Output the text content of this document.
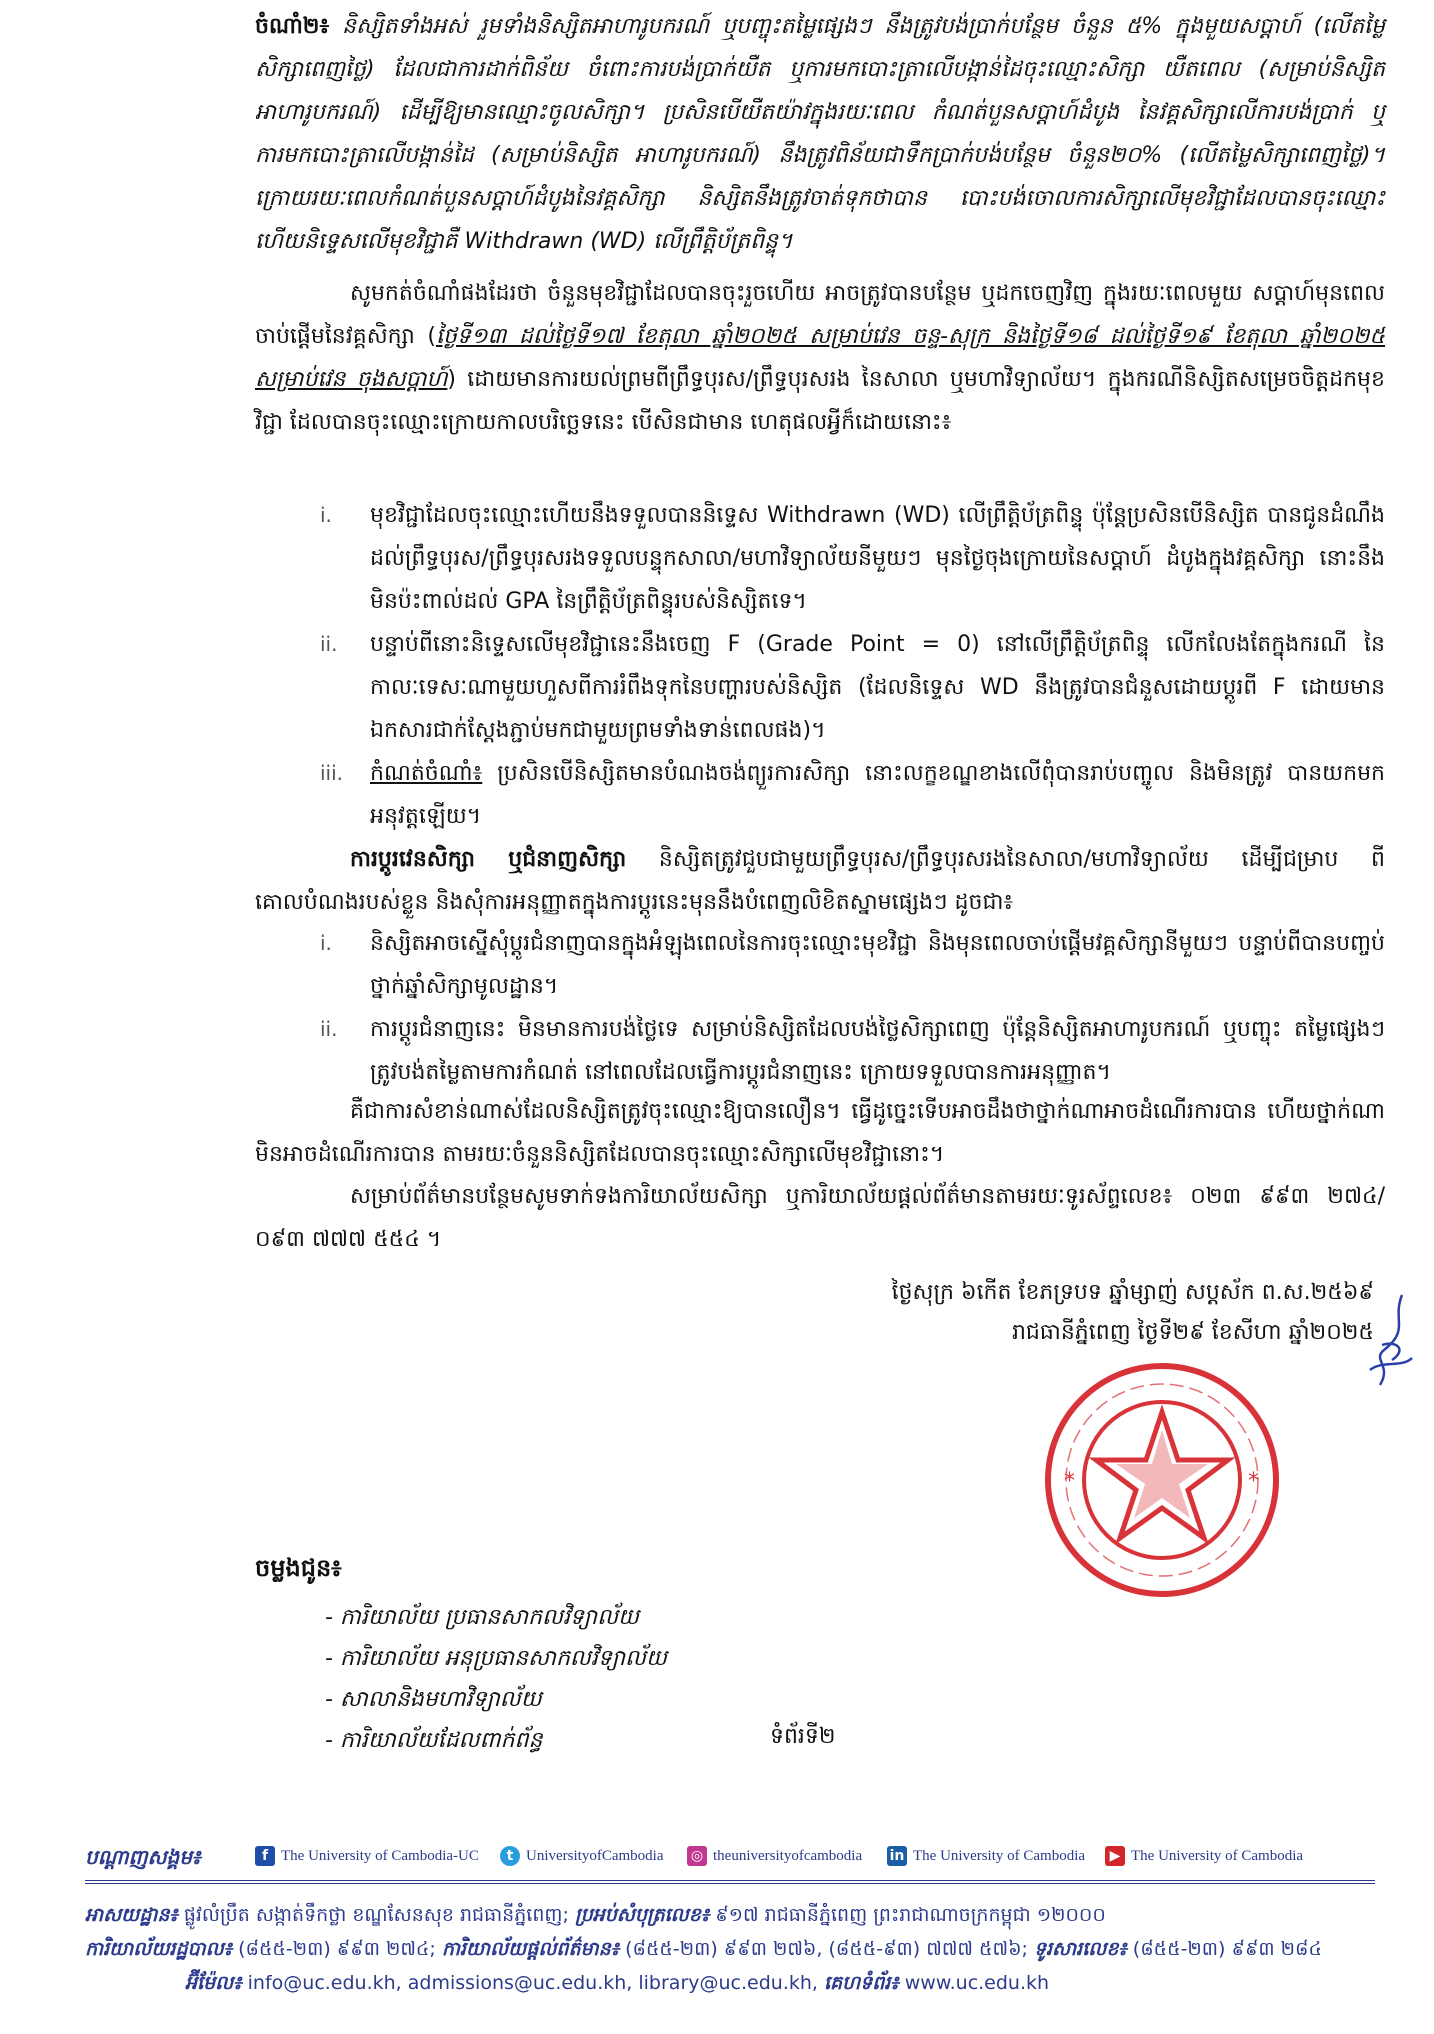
ចំណាំ២៖ និស្សិតទាំងអស់ រួមទាំងនិស្សិតអាហារូបករណ៍ ឬបញ្ចុះតម្លៃផ្សេងៗ នឹងត្រូវបង់ប្រាក់បន្ថែម ចំនួន ៥% ក្នុងមួយសប្តាហ៍ (លើតម្លៃសិក្សាពេញថ្លៃ) ដែលជាការដាក់ពិន័យ ចំពោះការបង់ប្រាក់យឺត ឬការមកបោះត្រាលើបង្កាន់ដៃចុះឈ្មោះសិក្សា យឺតពេល (សម្រាប់និស្សិតអាហារូបករណ៍) ដើម្បីឱ្យមានឈ្មោះចូលសិក្សា។ ប្រសិនបើយឺតយ៉ាវក្នុងរយៈពេល កំណត់បួនសប្តាហ៍ដំបូង នៃវគ្គសិក្សាលើការបង់ប្រាក់ ឬការមកបោះត្រាលើបង្កាន់ដៃ (សម្រាប់និស្សិត អាហារូបករណ៍) នឹងត្រូវពិន័យជាទឹកប្រាក់បង់បន្ថែម ចំនួន២០% (លើតម្លៃសិក្សាពេញថ្លៃ)។ ក្រោយរយៈពេលកំណត់បួនសប្តាហ៍ដំបូងនៃវគ្គសិក្សា និស្សិតនឹងត្រូវចាត់ទុកថាបាន បោះបង់ចោលការសិក្សាលើមុខវិជ្ជាដែលបានចុះឈ្មោះ ហើយនិទ្ទេសលើមុខវិជ្ជាគឺ Withdrawn (WD) លើព្រឹត្តិប័ត្រពិន្ទុ។

សូមកត់ចំណាំផងដែរថា ចំនួនមុខវិជ្ជាដែលបានចុះរួចហើយ អាចត្រូវបានបន្ថែម ឬដកចេញវិញ ក្នុងរយៈពេលមួយ សប្តាហ៍មុនពេលចាប់ផ្តើមនៃវគ្គសិក្សា (ថ្ងៃទី១៣ ដល់ថ្ងៃទី១៧ ខែតុលា ឆ្នាំ២០២៥ សម្រាប់វេន ចន្ទ-សុក្រ និងថ្ងៃទី១៨ ដល់ថ្ងៃទី១៩ ខែតុលា ឆ្នាំ២០២៥ សម្រាប់វេន ចុងសប្តាហ៍) ដោយមានការយល់ព្រមពីព្រឹទ្ធបុរស/ព្រឹទ្ធបុរសរង នៃសាលា ឬមហាវិទ្យាល័យ។ ក្នុងករណីនិស្សិតសម្រេចចិត្តដកមុខវិជ្ជា ដែលបានចុះឈ្មោះក្រោយកាលបរិច្ឆេទនេះ បើសិនជាមាន ហេតុផលអ្វីក៏ដោយនោះ៖

i. មុខវិជ្ជាដែលចុះឈ្មោះហើយនឹងទទួលបាននិទ្ទេស Withdrawn (WD) លើព្រឹត្តិប័ត្រពិន្ទុ ប៉ុន្តែប្រសិនបើនិស្សិត បានជូនដំណឹងដល់ព្រឹទ្ធបុរស/ព្រឹទ្ធបុរសរងទទួលបន្ទុកសាលា/មហាវិទ្យាល័យនីមួយៗ មុនថ្ងៃចុងក្រោយនៃសប្តាហ៍ ដំបូងក្នុងវគ្គសិក្សា នោះនឹងមិនប៉ះពាល់ដល់ GPA នៃព្រឹត្តិប័ត្រពិន្ទុរបស់និស្សិតទេ។

ii. បន្ទាប់ពីនោះនិទ្ទេសលើមុខវិជ្ជានេះនឹងចេញ F (Grade Point = 0) នៅលើព្រឹត្តិប័ត្រពិន្ទុ លើកលែងតែក្នុងករណី នៃកាលៈទេសៈណាមួយហួសពីការរំពឹងទុកនៃបញ្ហារបស់និស្សិត (ដែលនិទ្ទេស WD នឹងត្រូវបានជំនួសដោយប្តូរពី F ដោយមានឯកសារជាក់ស្តែងភ្ជាប់មកជាមួយព្រមទាំងទាន់ពេលផង)។

iii. កំណត់ចំណាំ៖ ប្រសិនបើនិស្សិតមានបំណងចង់ព្យួរការសិក្សា នោះលក្ខខណ្ឌខាងលើពុំបានរាប់បញ្ចូល និងមិនត្រូវ បានយកមកអនុវត្តឡើយ។

ការប្តូរវេនសិក្សា ឬជំនាញសិក្សា និស្សិតត្រូវជួបជាមួយព្រឹទ្ធបុរស/ព្រឹទ្ធបុរសរងនៃសាលា/មហាវិទ្យាល័យ ដើម្បីជម្រាប ពីគោលបំណងរបស់ខ្លួន និងសុំការអនុញ្ញាតក្នុងការប្តូរនេះមុននឹងបំពេញលិខិតស្នាមផ្សេងៗ ដូចជា៖

i. និស្សិតអាចស្នើសុំប្តូរជំនាញបានក្នុងអំឡុងពេលនៃការចុះឈ្មោះមុខវិជ្ជា និងមុនពេលចាប់ផ្តើមវគ្គសិក្សានីមួយៗ បន្ទាប់ពីបានបញ្ចប់ថ្នាក់ឆ្នាំសិក្សាមូលដ្ឋាន។

ii. ការប្តូរជំនាញនេះ មិនមានការបង់ថ្លៃទេ សម្រាប់និស្សិតដែលបង់ថ្លៃសិក្សាពេញ ប៉ុន្តែនិស្សិតអាហារូបករណ៍ ឬបញ្ចុះ តម្លៃផ្សេងៗ ត្រូវបង់តម្លៃតាមការកំណត់ នៅពេលដែលធ្វើការប្តូរជំនាញនេះ ក្រោយទទួលបានការអនុញ្ញាត។

គឺជាការសំខាន់ណាស់ដែលនិស្សិតត្រូវចុះឈ្មោះឱ្យបានលឿន។ ធ្វើដូច្នេះទើបអាចដឹងថាថ្នាក់ណាអាចដំណើរការបាន ហើយថ្នាក់ណាមិនអាចដំណើរការបាន តាមរយៈចំនួននិស្សិតដែលបានចុះឈ្មោះសិក្សាលើមុខវិជ្ជានោះ។

សម្រាប់ព័ត៌មានបន្ថែមសូមទាក់ទងការិយាល័យសិក្សា ឬការិយាល័យផ្តល់ព័ត៌មានតាមរយៈទូរស័ព្ទលេខ៖ ០២៣ ៩៩៣ ២៧៤/ ០៩៣ ៧៧៧ ៥៥៤ ។

ថ្ងៃសុក្រ ៦កើត ខែភទ្របទ ឆ្នាំម្សាញ់ សប្តស័ក ព.ស.២៥៦៩
រាជធានីភ្នំពេញ ថ្ងៃទី២៩ ខែសីហា ឆ្នាំ២០២៥
*	*
ចម្លងជូន៖
- ការិយាល័យ ប្រធានសាកលវិទ្យាល័យ
- ការិយាល័យ អនុប្រធានសាកលវិទ្យាល័យ
- សាលានិងមហាវិទ្យាល័យ
- ការិយាល័យដែលពាក់ព័ន្ធ	ទំព័រទី២
បណ្តាញសង្គម៖	f The University of Cambodia-UC	t UniversityofCambodia ◎ theuniversityofcambodia in The University of Cambodia	▶ The University of Cambodia
អាសយដ្ឋាន៖ ផ្លូវលំប្រឹត សង្កាត់ទឹកថ្លា ខណ្ឌសែនសុខ រាជធានីភ្នំពេញ; ប្រអប់សំបុត្រលេខ៖ ៩១៧ រាជធានីភ្នំពេញ ព្រះរាជាណាចក្រកម្ពុជា ១២០០០
ការិយាល័យរដ្ឋបាល៖ (៨៥៥-២៣) ៩៩៣ ២៧៤; ការិយាល័យផ្តល់ព័ត៌មាន៖ (៨៥៥-២៣) ៩៩៣ ២៧៦, (៨៥៥-៩៣) ៧៧៧ ៥៧៦; ទូរសារលេខ៖ (៨៥៥-២៣) ៩៩៣ ២៨៤
អ៊ីម៉ែល៖ info@uc.edu.kh, admissions@uc.edu.kh, library@uc.edu.kh, គេហទំព័រ៖ www.uc.edu.kh
